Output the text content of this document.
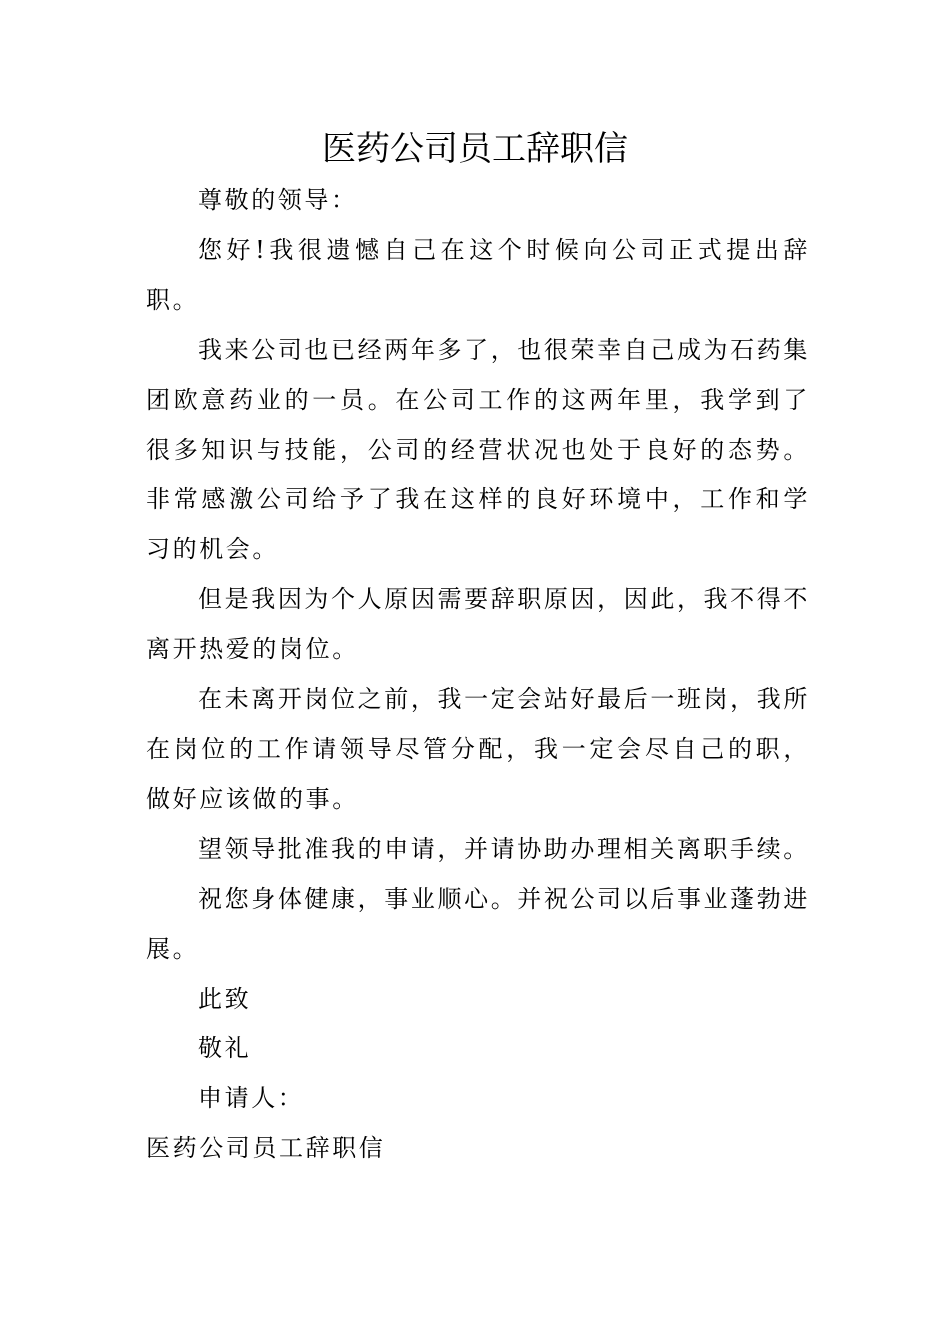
医药公司员工辞职信

尊敬的领导：

您好!我很遗憾自己在这个时候向公司正式提出辞职。

我来公司也已经两年多了，也很荣幸自己成为石药集团欧意药业的一员。在公司工作的这两年里，我学到了很多知识与技能，公司的经营状况也处于良好的态势。非常感激公司给予了我在这样的良好环境中，工作和学习的机会。

但是我因为个人原因需要辞职原因，因此，我不得不离开热爱的岗位。

在未离开岗位之前，我一定会站好最后一班岗，我所在岗位的工作请领导尽管分配，我一定会尽自己的职，做好应该做的事。

望领导批准我的申请，并请协助办理相关离职手续。

祝您身体健康，事业顺心。并祝公司以后事业蓬勃进展。

此致

敬礼

申请人：

医药公司员工辞职信
